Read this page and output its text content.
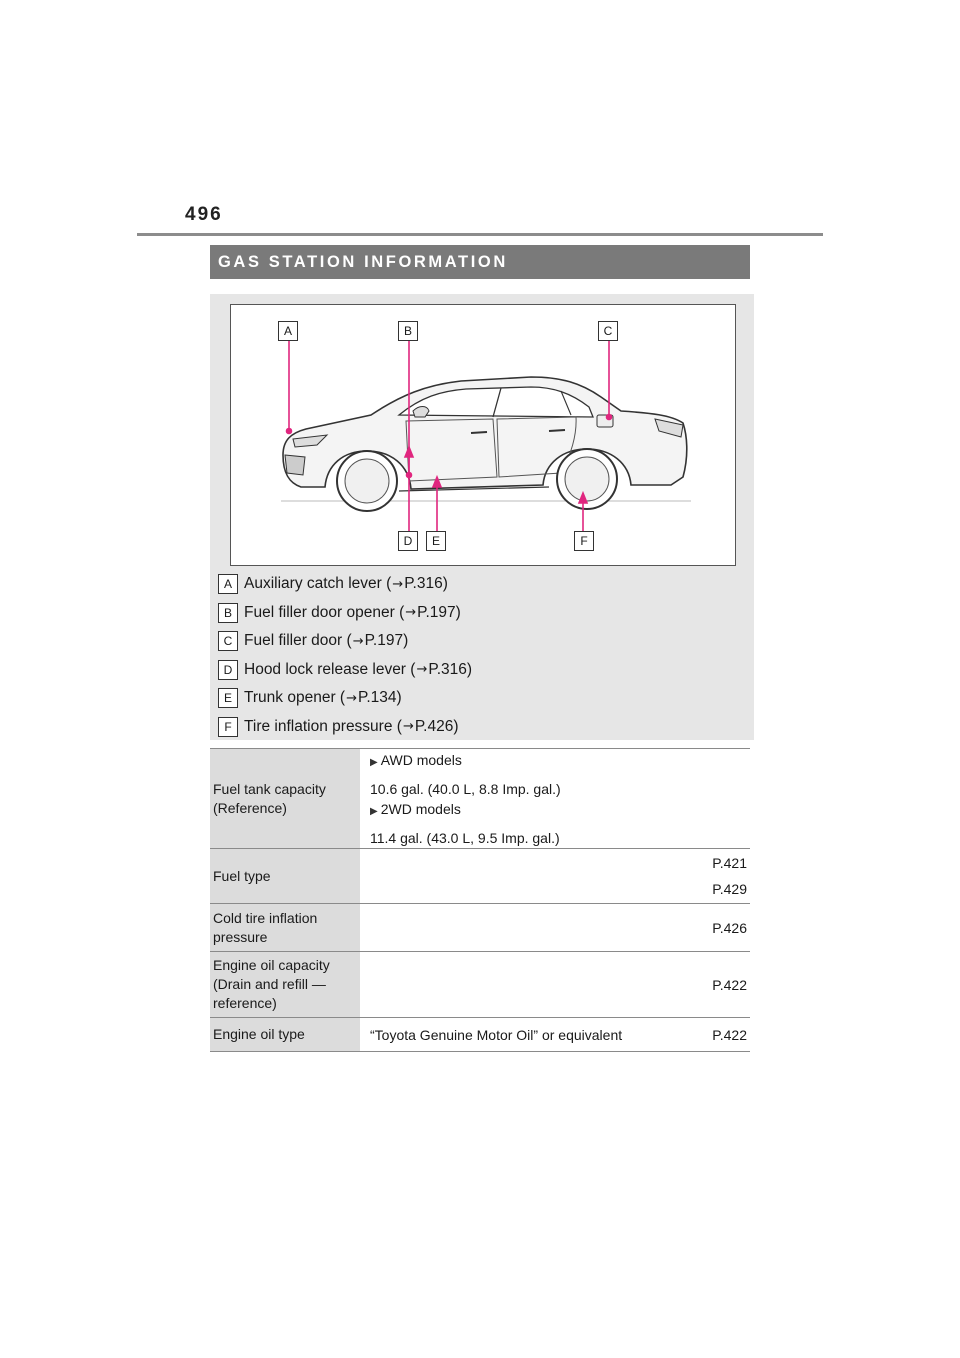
496
GAS STATION INFORMATION
A	B	C
D	E	F
A Auxiliary catch lever ( → P.316 )
B Fuel filler door opener ( → P.197 )
C Fuel filler door ( → P.197 )
D Hood lock release lever ( → P.316 )
E Trunk opener ( → P.134 )
F Tire inflation pressure ( → P.426 )
Fuel tank capacity (Reference)	▶ AWD models
10.6 gal. (40.0 L, 8.8 Imp. gal.)
▶ 2WD models
11.4 gal. (43.0 L, 9.5 Imp. gal.)	

Fuel type		P.421
P.429

Cold tire inflation pressure		P.426
Engine oil capacity (Drain and refill — reference)		P.422
Engine oil type	“Toyota Genuine Motor Oil” or equivalent	P.422
